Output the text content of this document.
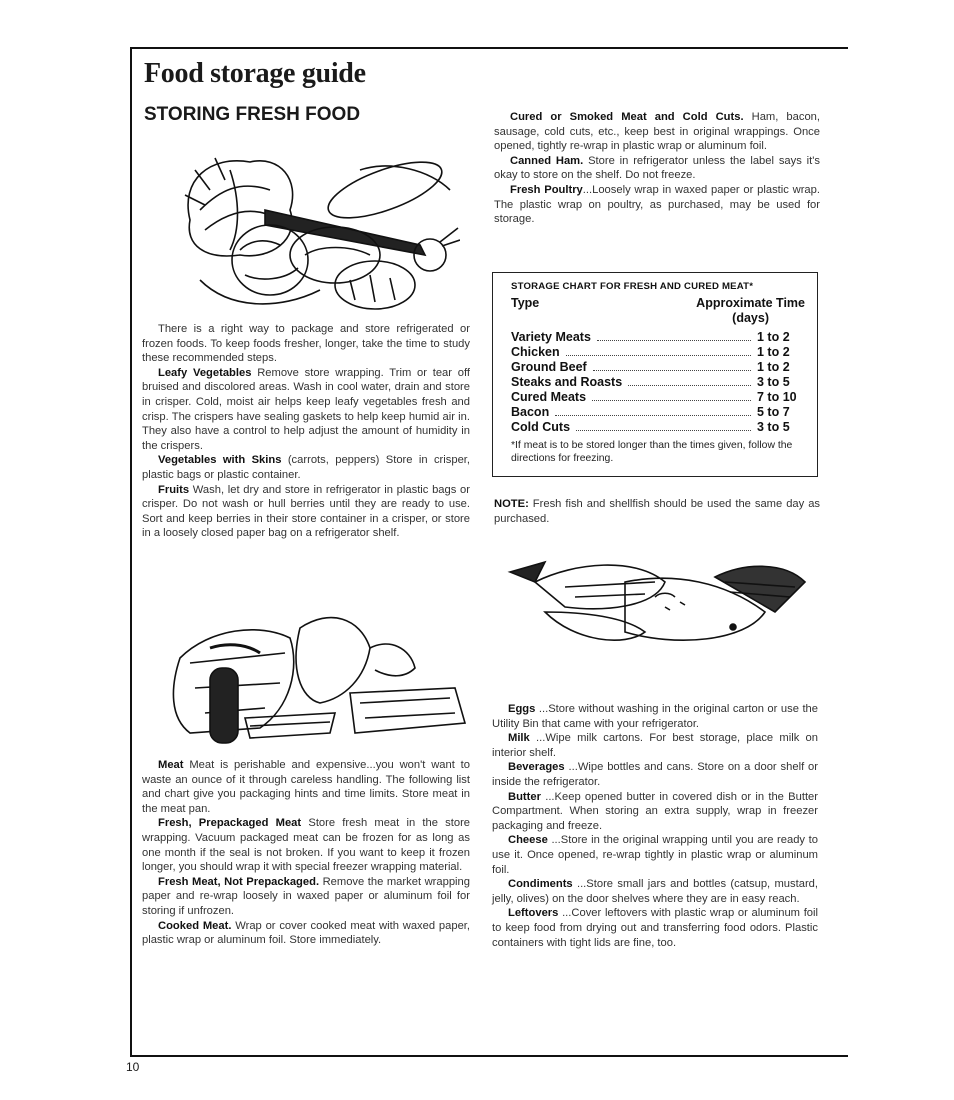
Food storage guide
STORING FRESH FOOD

There is a right way to package and store refrigerated or frozen foods. To keep foods fresher, longer, take the time to study these recommended steps.

Leafy Vegetables Remove store wrapping. Trim or tear off bruised and discolored areas. Wash in cool water, drain and store in crisper. Cold, moist air helps keep leafy vegetables fresh and crisp. The crispers have sealing gaskets to help keep humid air in. They also have a control to help adjust the amount of humidity in the crispers.

Vegetables with Skins (carrots, peppers) Store in crisper, plastic bags or plastic container.

Fruits Wash, let dry and store in refrigerator in plastic bags or crisper. Do not wash or hull berries until they are ready to use. Sort and keep berries in their store container in a crisper, or store in a loosely closed paper bag on a refrigerator shelf.

Meat Meat is perishable and expensive...you won't want to waste an ounce of it through careless handling. The following list and chart give you packaging hints and time limits. Store meat in the meat pan.

Fresh, Prepackaged Meat Store fresh meat in the store wrapping. Vacuum packaged meat can be frozen for as long as one month if the seal is not broken. If you want to keep it frozen longer, you should wrap it with special freezer wrapping material.

Fresh Meat, Not Prepackaged. Remove the market wrapping paper and re-wrap loosely in waxed paper or aluminum foil for storing if unfrozen.

Cooked Meat. Wrap or cover cooked meat with waxed paper, plastic wrap or aluminum foil. Store immediately.

Cured or Smoked Meat and Cold Cuts. Ham, bacon, sausage, cold cuts, etc., keep best in original wrappings. Once opened, tightly re-wrap in plastic wrap or aluminum foil.

Canned Ham. Store in refrigerator unless the label says it's okay to store on the shelf. Do not freeze.

Fresh Poultry...Loosely wrap in waxed paper or plastic wrap. The plastic wrap on poultry, as purchased, may be used for storage.

STORAGE CHART FOR FRESH AND CURED MEAT*
Type	Approximate Time
(days)
Variety Meats	1 to 2
Chicken	1 to 2
Ground Beef	1 to 2
Steaks and Roasts	3 to 5
Cured Meats	7 to 10
Bacon	5 to 7
Cold Cuts	3 to 5
*If meat is to be stored longer than the times given, follow the directions for freezing.

NOTE: Fresh fish and shellfish should be used the same day as purchased.

Eggs ...Store without washing in the original carton or use the Utility Bin that came with your refrigerator.

Milk ...Wipe milk cartons. For best storage, place milk on interior shelf.

Beverages ...Wipe bottles and cans. Store on a door shelf or inside the refrigerator.

Butter ...Keep opened butter in covered dish or in the Butter Compartment. When storing an extra supply, wrap in freezer packaging and freeze.

Cheese ...Store in the original wrapping until you are ready to use it. Once opened, re-wrap tightly in plastic wrap or aluminum foil.

Condiments ...Store small jars and bottles (catsup, mustard, jelly, olives) on the door shelves where they are in easy reach.

Leftovers ...Cover leftovers with plastic wrap or aluminum foil to keep food from drying out and transferring food odors. Plastic containers with tight lids are fine, too.

10
